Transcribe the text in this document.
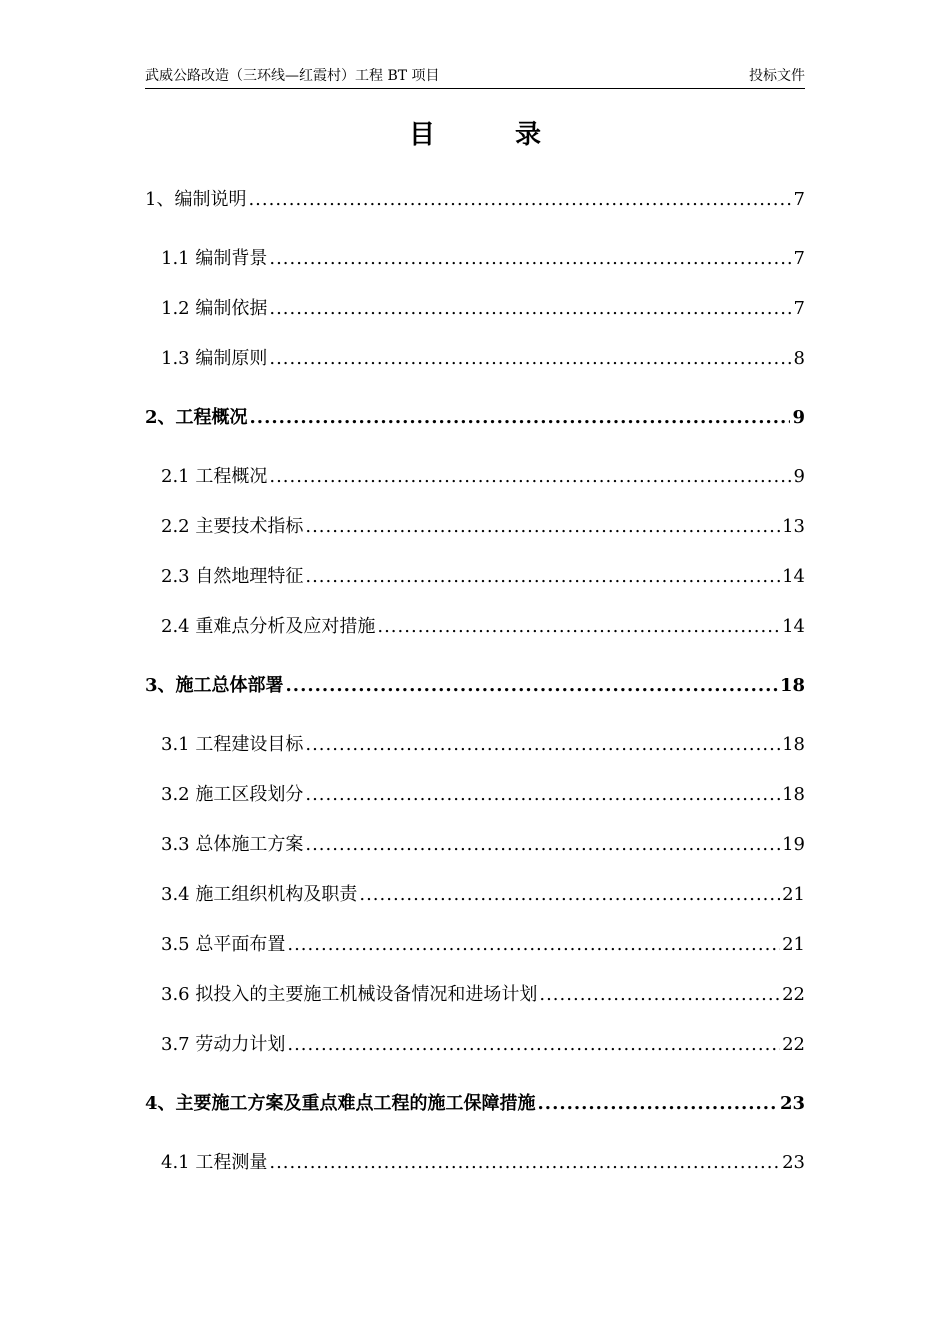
武威公路改造（三环线—红霞村）工程 BT 项目	投标文件
目	录
1、编制说明 .....	7
1.1 编制背景 .....	7
1.2 编制依据 .....	7
1.3 编制原则 .....	8
2、工程概况 .....	9
2.1 工程概况 .....	9
2.2 主要技术指标 .....	13
2.3 自然地理特征 .....	14
2.4 重难点分析及应对措施 .....	14
3、施工总体部署 .....	18
3.1 工程建设目标 .....	18
3.2 施工区段划分 .....	18
3.3 总体施工方案 .....	19
3.4 施工组织机构及职责 .....	21
3.5 总平面布置 .....	21
3.6 拟投入的主要施工机械设备情况和进场计划 .....	22
3.7 劳动力计划 .....	22
4、主要施工方案及重点难点工程的施工保障措施 .....	23
4.1 工程测量 .....	23
